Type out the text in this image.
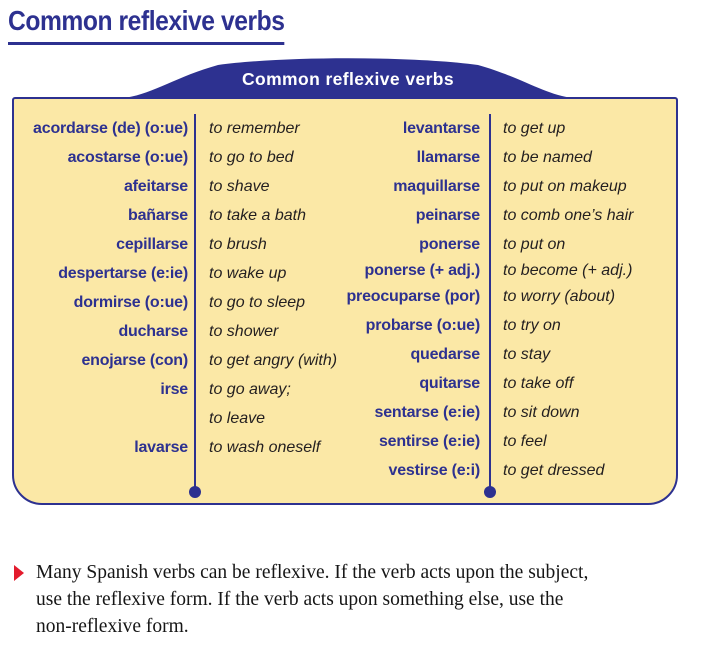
Common reflexive verbs
acordarse (de) (o:ue) to remember
acostarse (o:ue) to go to bed
afeitarse to shave
bañarse to take a bath
cepillarse to brush
despertarse (e:ie) to wake up
dormirse (o:ue) to go to sleep
ducharse to shower
enojarse (con) to get angry (with)
irse to go away;
to leave
lavarse to wash oneself
levantarse to get up
llamarse to be named
maquillarse to put on makeup
peinarse to comb one’s hair
ponerse to put on
ponerse (+ adj.) to become (+ adj.)
preocuparse (por) to worry (about)
probarse (o:ue) to try on
quedarse to stay
quitarse to take off
sentarse (e:ie) to sit down
sentirse (e:ie) to feel
vestirse (e:i) to get dressed
Common reflexive verbs
Many Spanish verbs can be reflexive. If the verb acts upon the subject,
use the reflexive form. If the verb acts upon something else, use the
non-reflexive form.
